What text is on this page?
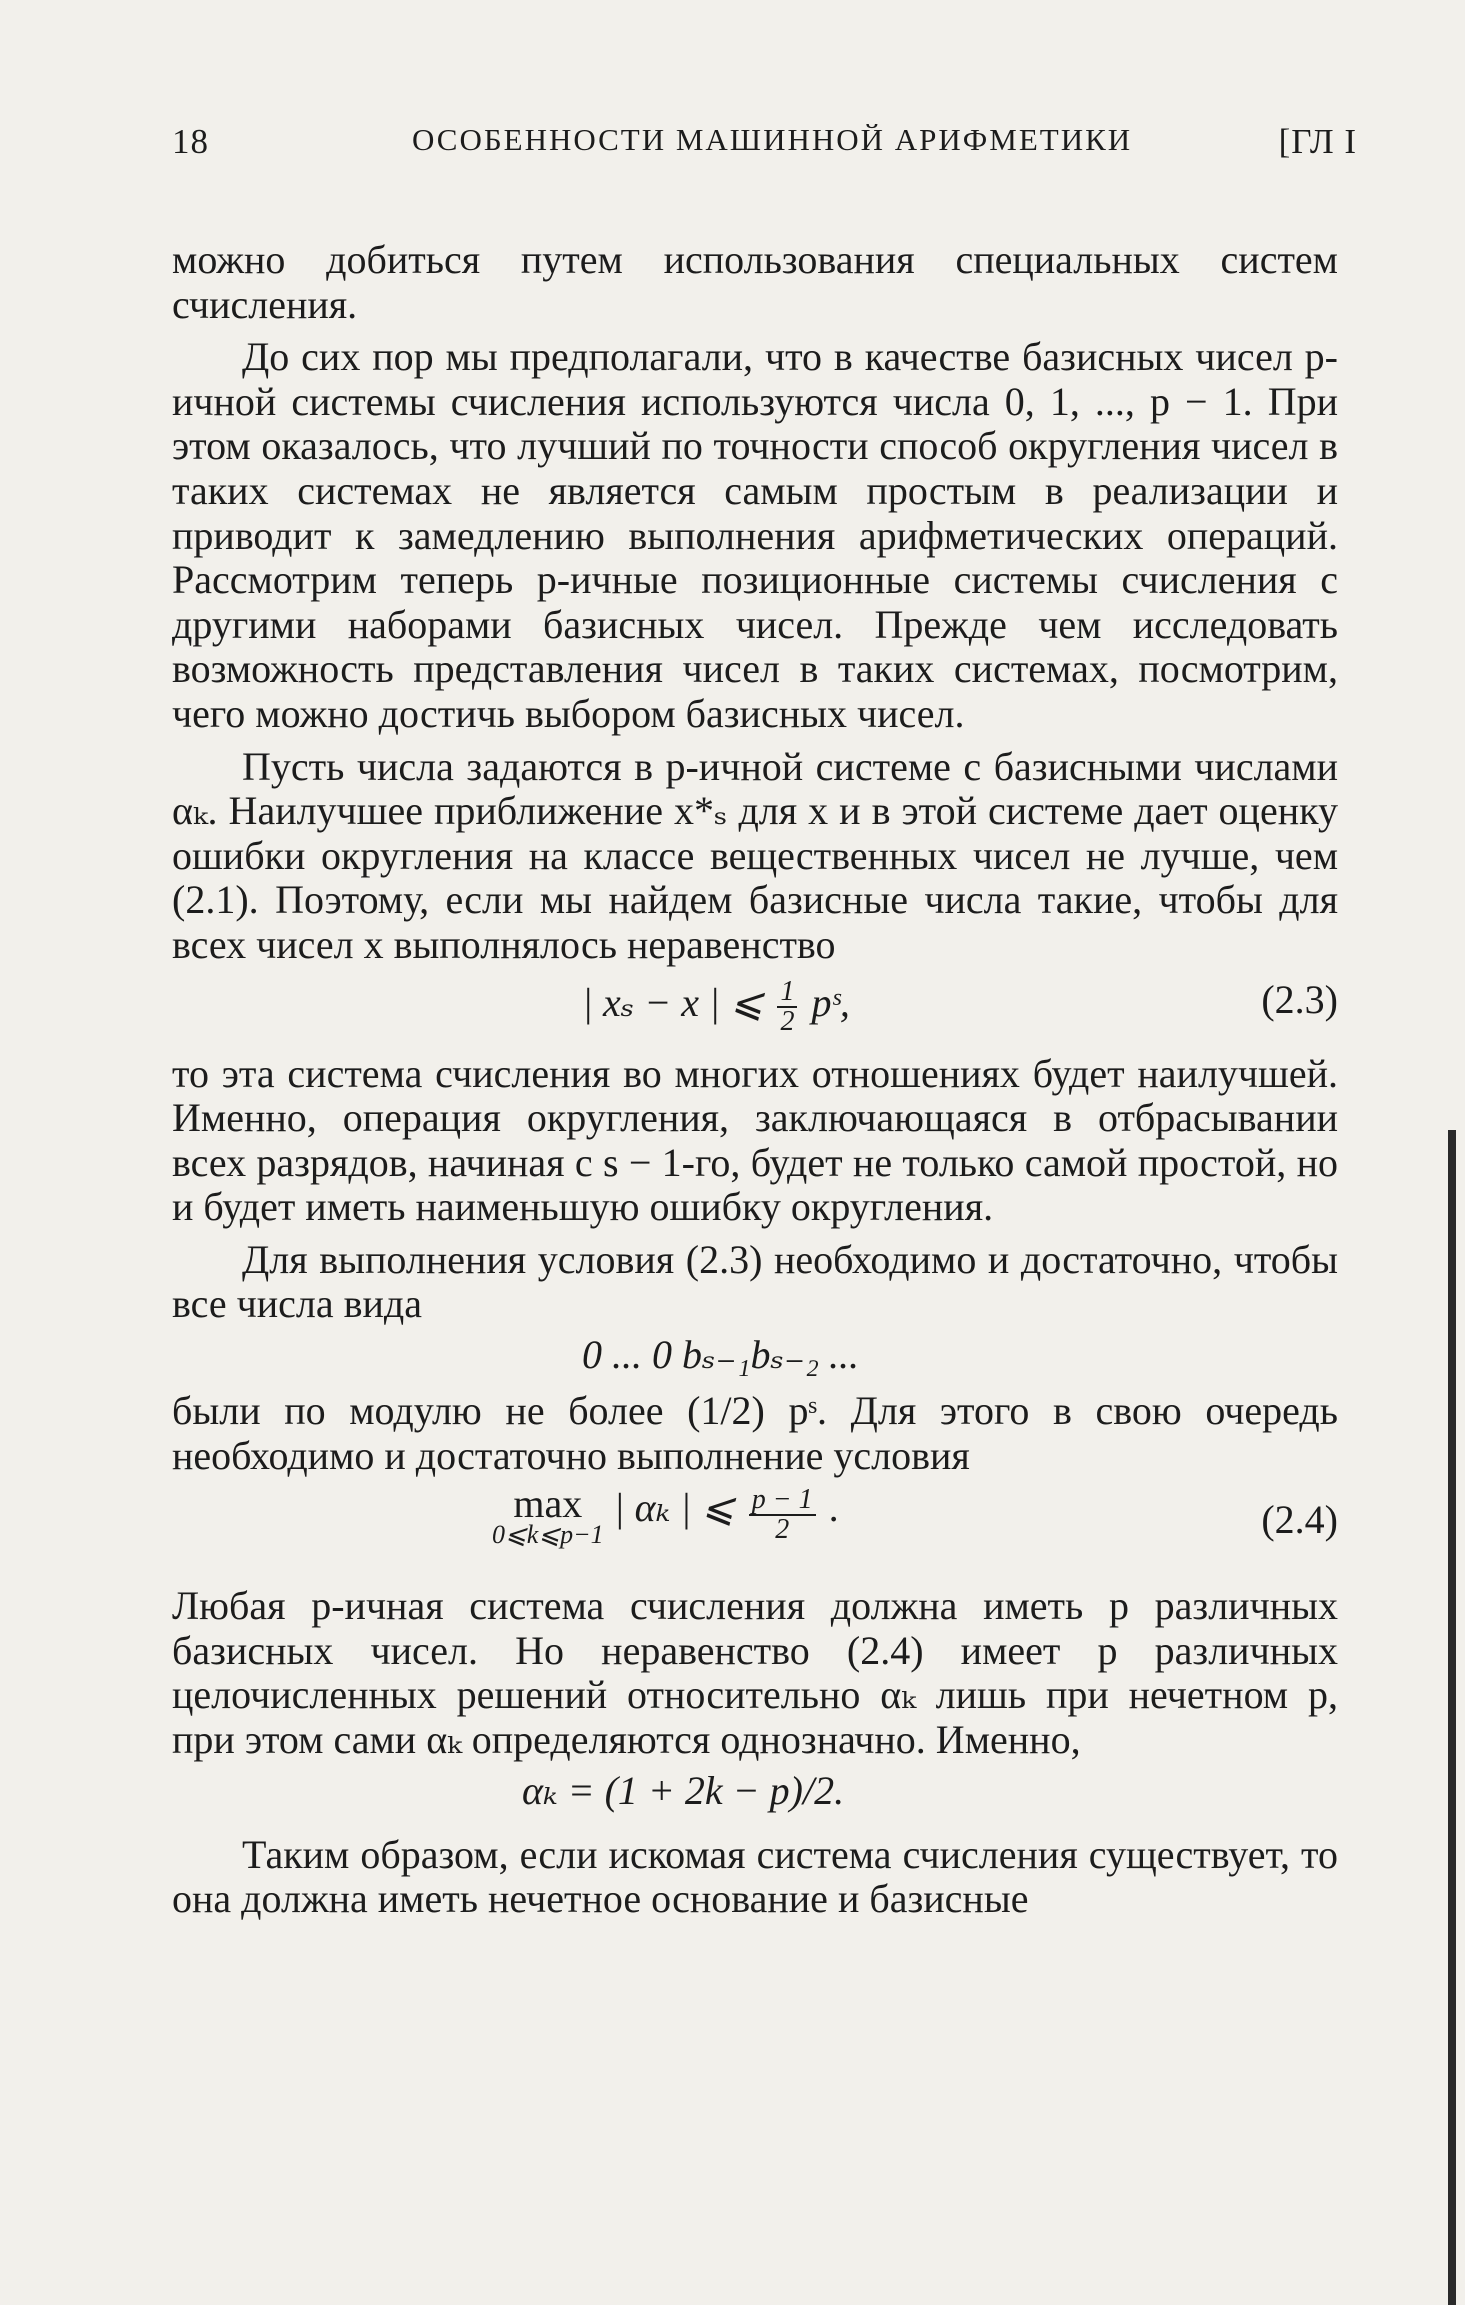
18	ОСОБЕННОСТИ МАШИННОЙ АРИФМЕТИКИ	[ГЛ I

можно добиться путем использования специальных систем счисления.

До сих пор мы предполагали, что в качестве базисных чисел p-ичной системы счисления используются числа 0, 1, ..., p − 1. При этом оказалось, что лучший по точности способ округления чисел в таких системах не является самым простым в реализации и приводит к замедлению выполнения арифметических операций. Рассмотрим теперь p-ичные позиционные системы счисления с другими наборами базисных чисел. Прежде чем исследовать возможность представления чисел в таких системах, посмотрим, чего можно достичь выбором базисных чисел.

Пусть числа задаются в p-ичной системе с базисными числами αₖ. Наилучшее приближение x*ₛ для x и в этой системе дает оценку ошибки округления на классе вещественных чисел не лучше, чем (2.1). Поэтому, если мы найдем базисные числа такие, чтобы для всех чисел x выполнялось неравенство

| xₛ − x | ⩽ $\frac{1}{2}$ pˢ,	(2.3)

то эта система счисления во многих отношениях будет наилучшей. Именно, операция округления, заключающаяся в отбрасывании всех разрядов, начиная с s − 1-го, будет не только самой простой, но и будет иметь наименьшую ошибку округления.

Для выполнения условия (2.3) необходимо и достаточно, чтобы все числа вида

0 ... 0 bₛ₋₁bₛ₋₂ ...

были по модулю не более (1/2) pˢ. Для этого в свою очередь необходимо и достаточно выполнение условия

max
0⩽k⩽p−1
| αₖ | ⩽ $\frac{p - 1}{2}$ .	(2.4)

Любая p-ичная система счисления должна иметь p различных базисных чисел. Но неравенство (2.4) имеет p различных целочисленных решений относительно αₖ лишь при нечетном p, при этом сами αₖ определяются однозначно. Именно,

αₖ = (1 + 2k − p)/2.

Таким образом, если искомая система счисления существует, то она должна иметь нечетное основание и базисные
